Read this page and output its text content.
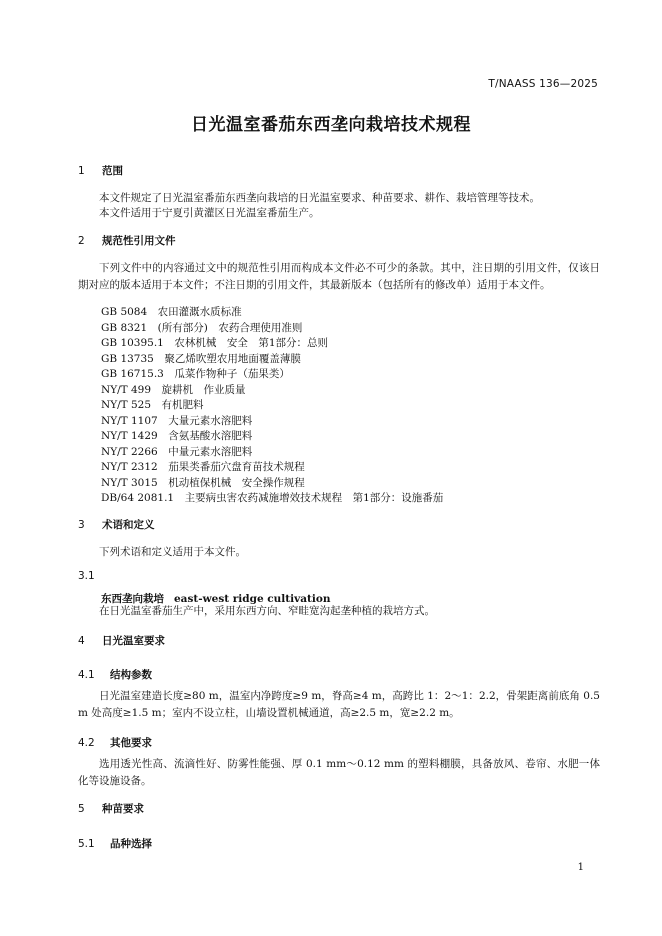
T/NAASS 136—2025
日光温室番茄东西垄向栽培技术规程
1 范围
本文件规定了日光温室番茄东西垄向栽培的日光温室要求、种苗要求、耕作、栽培管理等技术。
本文件适用于宁夏引黄灌区日光温室番茄生产。
2 规范性引用文件
下列文件中的内容通过文中的规范性引用而构成本文件必不可少的条款。其中，注日期的引用文件，仅该日期对应的版本适用于本文件；不注日期的引用文件，其最新版本（包括所有的修改单）适用于本文件。
GB 5084　农田灌溉水质标准
GB 8321　(所有部分)　农药合理使用准则
GB 10395.1　农林机械　安全　第1部分：总则
GB 13735　聚乙烯吹塑农用地面覆盖薄膜
GB 16715.3　瓜菜作物种子（茄果类）
NY/T 499　旋耕机　作业质量
NY/T 525　有机肥料
NY/T 1107　大量元素水溶肥料
NY/T 1429　含氨基酸水溶肥料
NY/T 2266　中量元素水溶肥料
NY/T 2312　茄果类番茄穴盘育苗技术规程
NY/T 3015　机动植保机械　安全操作规程
DB/64 2081.1　主要病虫害农药减施增效技术规程　第1部分：设施番茄
3 术语和定义
下列术语和定义适用于本文件。
3.1
东西垄向栽培 east-west ridge cultivation
在日光温室番茄生产中，采用东西方向、窄畦宽沟起垄种植的栽培方式。
4 日光温室要求
4.1 结构参数
日光温室建造长度≥80 m，温室内净跨度≥9 m，脊高≥4 m，高跨比 1：2～1：2.2，骨架距离前底角 0.5 m 处高度≥1.5 m；室内不设立柱，山墙设置机械通道，高≥2.5 m，宽≥2.2 m。
4.2 其他要求
选用透光性高、流滴性好、防雾性能强、厚 0.1 mm～0.12 mm 的塑料棚膜，具备放风、卷帘、水肥一体化等设施设备。
5 种苗要求
5.1 品种选择
1
